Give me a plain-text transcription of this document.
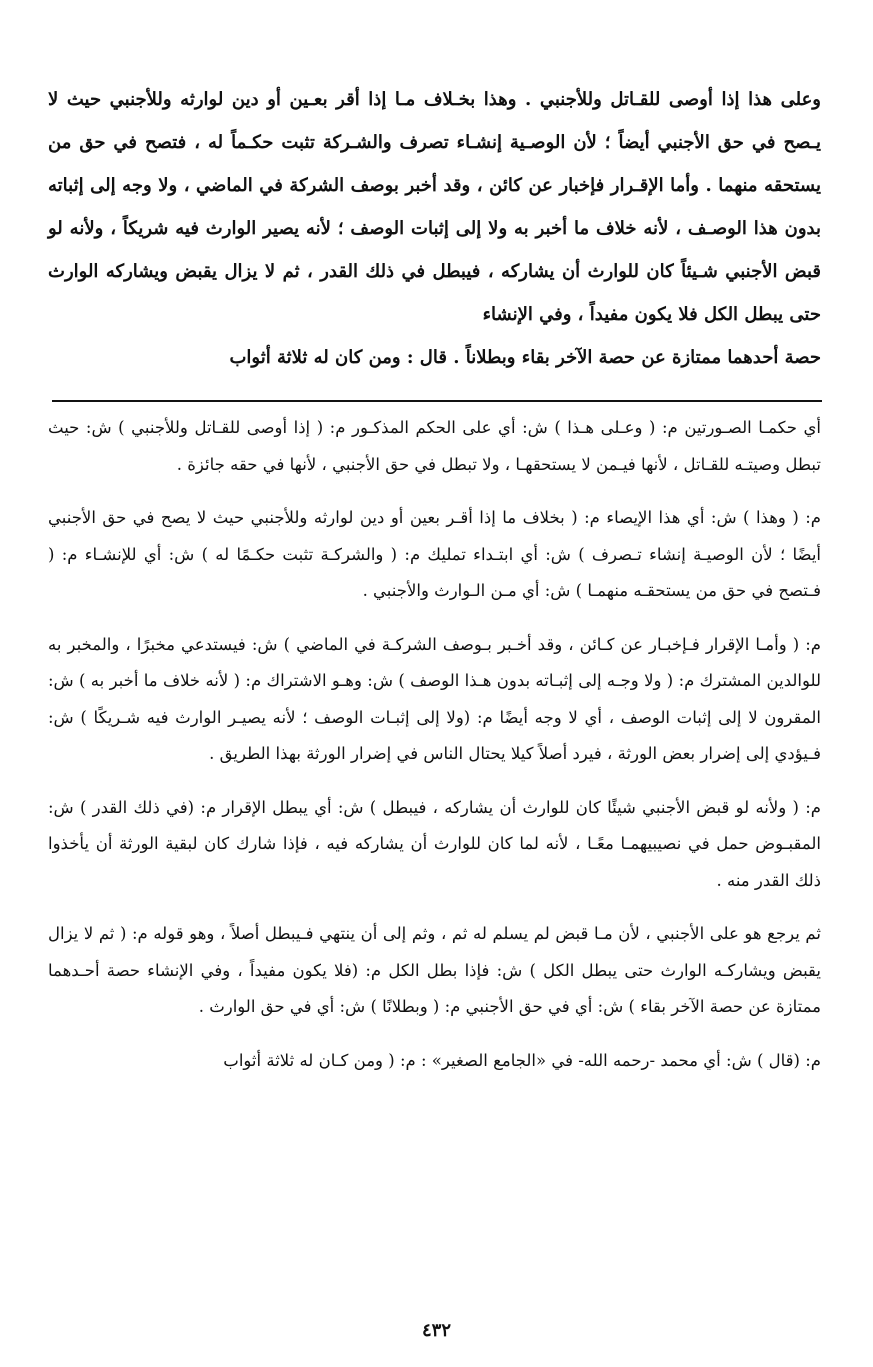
وعلى هذا إذا أوصى للقـاتل وللأجنبي . وهذا بخـلاف مـا إذا أقر بعـين أو دين لوارثه وللأجنبي حيث لا يـصح في حق الأجنبي أيضاً ؛ لأن الوصـية إنشـاء تصرف والشـركة تثبت حكـماً له ، فتصح في حق من يستحقه منهما . وأما الإقـرار فإخبار عن كائن ، وقد أخبر بوصف الشركة في الماضي ، ولا وجه إلى إثباته بدون هذا الوصـف ، لأنه خلاف ما أخبر به ولا إلى إثبات الوصف ؛ لأنه يصير الوارث فيه شريكاً ، ولأنه لو قبض الأجنبي شـيئاً كان للوارث أن يشاركه ، فيبطل في ذلك القدر ، ثم لا يزال يقبض ويشاركه الوارث حتى يبطل الكل فلا يكون مفيداً ، وفي الإنشاء
حصة أحدهما ممتازة عن حصة الآخر بقاء وبطلاناً . قال : ومن كان له ثلاثة أثواب

أي حكمـا الصـورتين م: ( وعـلى هـذا ) ش: أي على الحكم المذكـور م: ( إذا أوصى للقـاتل وللأجنبي ) ش: حيث تبطل وصيتـه للقـاتل ، لأنها فيـمن لا يستحقهـا ، ولا تبطل في حق الأجنبي ، لأنها في حقه جائزة .

م: ( وهذا ) ش: أي هذا الإيصاء م: ( بخلاف ما إذا أقـر بعين أو دين لوارثه وللأجنبي حيث لا يصح في حق الأجنبي أيضًا ؛ لأن الوصيـة إنشاء تـصرف ) ش: أي ابتـداء تمليك م: ( والشركـة تثبت حكـمًا له ) ش: أي للإنشـاء م: ( فـتصح في حق من يستحقـه منهمـا ) ش: أي مـن الـوارث والأجنبي .

م: ( وأمـا الإقرار فـإخبـار عن كـائن ، وقد أخـبر بـوصف الشركـة في الماضي ) ش: فيستدعي مخبرًا ، والمخبر به للوالدين المشترك م: ( ولا وجـه إلى إثبـاته بدون هـذا الوصف ) ش: وهـو الاشتراك م: ( لأنه خلاف ما أخبر به ) ش: المقرون لا إلى إثبات الوصف ، أي لا وجه أيضًا م: (ولا إلى إثبـات الوصف ؛ لأنه يصيـر الوارث فيه شـريكًا ) ش: فـيؤدي إلى إضرار بعض الورثة ، فيرد أصلاً كيلا يحتال الناس في إضرار الورثة بهذا الطريق .

م: ( ولأنه لو قبض الأجنبي شيئًا كان للوارث أن يشاركه ، فيبطل ) ش: أي يبطل الإقرار م: (في ذلك القدر ) ش: المقبـوض حمل في نصيبيهمـا معًـا ، لأنه لما كان للوارث أن يشاركه فيه ، فإذا شارك كان لبقية الورثة أن يأخذوا ذلك القدر منه .

ثم يرجع هو على الأجنبي ، لأن مـا قبض لم يسلم له ثم ، وثم إلى أن ينتهي فـيبطل أصلاً ، وهو قوله م: ( ثم لا يزال يقبض ويشاركـه الوارث حتى يبطل الكل ) ش: فإذا بطل الكل م: (فلا يكون مفيداً ، وفي الإنشاء حصة أحـدهما ممتازة عن حصة الآخر بقاء ) ش: أي في حق الأجنبي م: ( وبطلانًا ) ش: أي في حق الوارث .

م: (قال ) ش: أي محمد -رحمه الله- في «الجامع الصغير» : م: ( ومن كـان له ثلاثة أثواب

٤٣٢
